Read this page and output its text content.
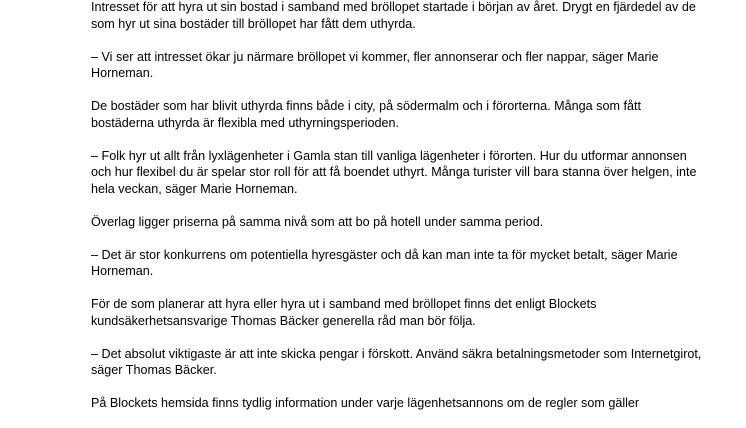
Intresset för att hyra ut sin bostad i samband med bröllopet startade i början av året. Drygt en fjärdedel av de som hyr ut sina bostäder till bröllopet har fått dem uthyrda.

– Vi ser att intresset ökar ju närmare bröllopet vi kommer, fler annonserar och fler nappar, säger Marie Horneman.

De bostäder som har blivit uthyrda finns både i city, på södermalm och i förorterna. Många som fått bostäderna uthyrda är flexibla med uthyrningsperioden.

– Folk hyr ut allt från lyxlägenheter i Gamla stan till vanliga lägenheter i förorten. Hur du utformar annonsen och hur flexibel du är spelar stor roll för att få boendet uthyrt. Många turister vill bara stanna över helgen, inte hela veckan, säger Marie Horneman.

Överlag ligger priserna på samma nivå som att bo på hotell under samma period.

– Det är stor konkurrens om potentiella hyresgäster och då kan man inte ta för mycket betalt, säger Marie Horneman.

För de som planerar att hyra eller hyra ut i samband med bröllopet finns det enligt Blockets kundsäkerhetsansvarige Thomas Bäcker generella råd man bör följa.

– Det absolut viktigaste är att inte skicka pengar i förskott. Använd säkra betalningsmetoder som Internetgirot, säger Thomas Bäcker.

På Blockets hemsida finns tydlig information under varje lägenhetsannons om de regler som gäller
